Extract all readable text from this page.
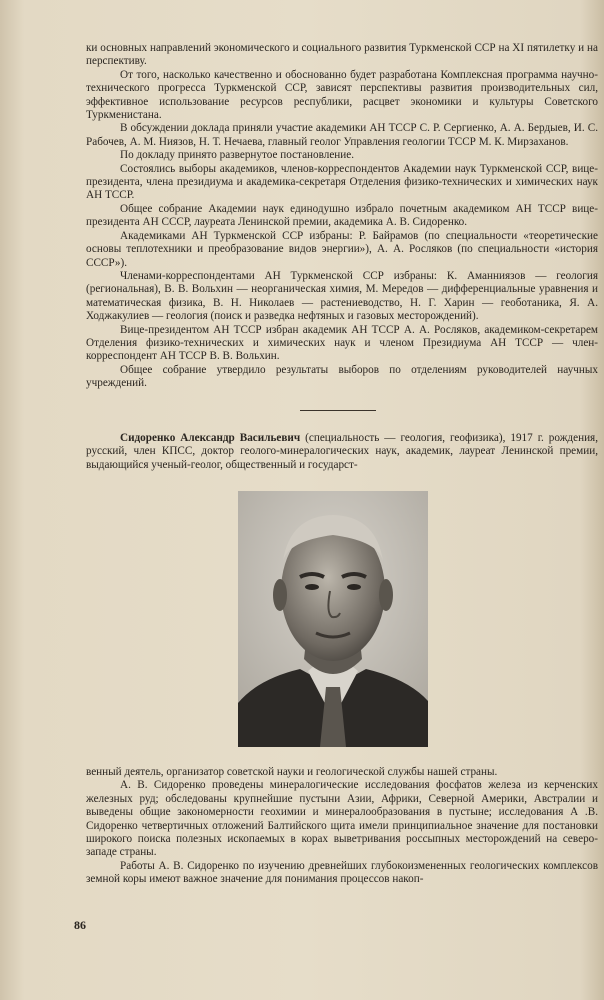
ки основных направлений экономического и социального развития Туркменской ССР на XI пятилетку и на перспективу.

От того, насколько качественно и обоснованно будет разработана Комплексная программа научно-технического прогресса Туркменской ССР, зависят перспективы развития производительных сил, эффективное использование ресурсов республики, расцвет экономики и культуры Советского Туркменистана.

В обсуждении доклада приняли участие академики АН ТССР С. Р. Сергиенко, А. А. Бердыев, И. С. Рабочев, А. М. Ниязов, Н. Т. Нечаева, главный геолог Управления геологии ТССР М. К. Мирзаханов.

По докладу принято развернутое постановление.

Состоялись выборы академиков, членов-корреспондентов Академии наук Туркменской ССР, вице-президента, члена президиума и академика-секретаря Отделения физико-технических и химических наук АН ТССР.

Общее собрание Академии наук единодушно избрало почетным академиком АН ТССР вице-президента АН СССР, лауреата Ленинской премии, академика А. В. Сидоренко.

Академиками АН Туркменской ССР избраны: Р. Байрамов (по специальности «теоретические основы теплотехники и преобразование видов энергии»), А. А. Росляков (по специальности «история СССР»).

Членами-корреспондентами АН Туркменской ССР избраны: К. Аманниязов — геология (региональная), В. В. Вольхин — неорганическая химия, М. Мередов — дифференциальные уравнения и математическая физика, В. Н. Николаев — растениеводство, Н. Г. Харин — геоботаника, Я. А. Ходжакулиев — геология (поиск и разведка нефтяных и газовых месторождений).

Вице-президентом АН ТССР избран академик АН ТССР А. А. Росляков, академиком-секретарем Отделения физико-технических и химических наук и членом Президиума АН ТССР — член-корреспондент АН ТССР В. В. Вольхин.

Общее собрание утвердило результаты выборов по отделениям руководителей научных учреждений.

Сидоренко Александр Васильевич (специальность — геология, геофизика), 1917 г. рождения, русский, член КПСС, доктор геолого-минералогических наук, академик, лауреат Ленинской премии, выдающийся ученый-геолог, общественный и государст-

венный деятель, организатор советской науки и геологической службы нашей страны.

А. В. Сидоренко проведены минералогические исследования фосфатов железа из керченских железных руд; обследованы крупнейшие пустыни Азии, Африки, Северной Америки, Австралии и выведены общие закономерности геохимии и минералообразования в пустыне; исследования А .В. Сидоренко четвертичных отложений Балтийского щита имели принципиальное значение для постановки широкого поиска полезных ископаемых в корах выветривания россыпных месторождений на северо-западе страны.

Работы А. В. Сидоренко по изучению древнейших глубокоизмененных геологических комплексов земной коры имеют важное значение для понимания процессов накоп-

86
